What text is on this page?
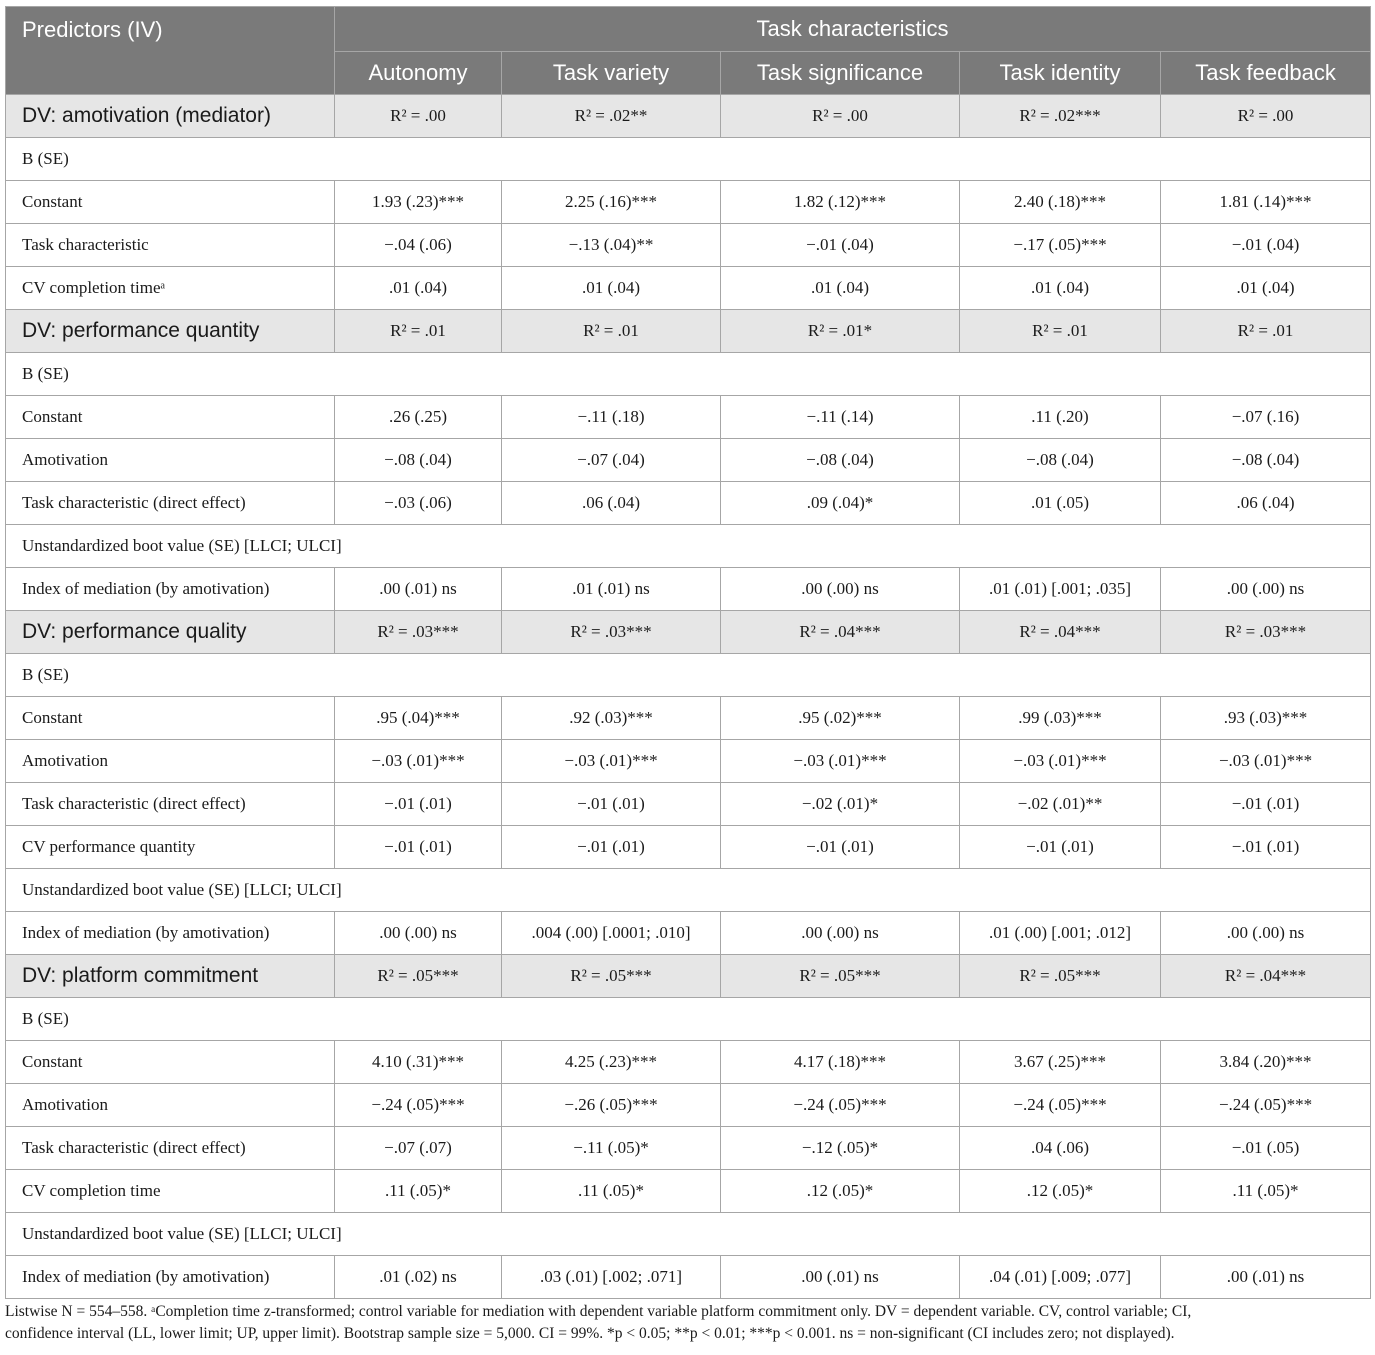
Predictors (IV)	Task characteristics				
	Autonomy	Task variety	Task significance	Task identity	Task feedback
DV: amotivation (mediator)	R² = .00	R² = .02**	R² = .00	R² = .02***	R² = .00
B (SE)					
Constant	1.93 (.23)***	2.25 (.16)***	1.82 (.12)***	2.40 (.18)***	1.81 (.14)***
Task characteristic	−.04 (.06)	−.13 (.04)**	−.01 (.04)	−.17 (.05)***	−.01 (.04)
CV completion timeᵃ	.01 (.04)	.01 (.04)	.01 (.04)	.01 (.04)	.01 (.04)
DV: performance quantity	R² = .01	R² = .01	R² = .01*	R² = .01	R² = .01
B (SE)					
Constant	.26 (.25)	−.11 (.18)	−.11 (.14)	.11 (.20)	−.07 (.16)
Amotivation	−.08 (.04)	−.07 (.04)	−.08 (.04)	−.08 (.04)	−.08 (.04)
Task characteristic (direct effect)	−.03 (.06)	.06 (.04)	.09 (.04)*	.01 (.05)	.06 (.04)
Unstandardized boot value (SE) [LLCI; ULCI]					
Index of mediation (by amotivation)	.00 (.01) ns	.01 (.01) ns	.00 (.00) ns	.01 (.01) [.001; .035]	.00 (.00) ns
DV: performance quality	R² = .03***	R² = .03***	R² = .04***	R² = .04***	R² = .03***
B (SE)					
Constant	.95 (.04)***	.92 (.03)***	.95 (.02)***	.99 (.03)***	.93 (.03)***
Amotivation	−.03 (.01)***	−.03 (.01)***	−.03 (.01)***	−.03 (.01)***	−.03 (.01)***
Task characteristic (direct effect)	−.01 (.01)	−.01 (.01)	−.02 (.01)*	−.02 (.01)**	−.01 (.01)
CV performance quantity	−.01 (.01)	−.01 (.01)	−.01 (.01)	−.01 (.01)	−.01 (.01)
Unstandardized boot value (SE) [LLCI; ULCI]					
Index of mediation (by amotivation)	.00 (.00) ns	.004 (.00) [.0001; .010]	.00 (.00) ns	.01 (.00) [.001; .012]	.00 (.00) ns
DV: platform commitment	R² = .05***	R² = .05***	R² = .05***	R² = .05***	R² = .04***
B (SE)					
Constant	4.10 (.31)***	4.25 (.23)***	4.17 (.18)***	3.67 (.25)***	3.84 (.20)***
Amotivation	−.24 (.05)***	−.26 (.05)***	−.24 (.05)***	−.24 (.05)***	−.24 (.05)***
Task characteristic (direct effect)	−.07 (.07)	−.11 (.05)*	−.12 (.05)*	.04 (.06)	−.01 (.05)
CV completion time	.11 (.05)*	.11 (.05)*	.12 (.05)*	.12 (.05)*	.11 (.05)*
Unstandardized boot value (SE) [LLCI; ULCI]					
Index of mediation (by amotivation)	.01 (.02) ns	.03 (.01) [.002; .071]	.00 (.01) ns	.04 (.01) [.009; .077]	.00 (.01) ns
Listwise N = 554–558. ᵃCompletion time z-transformed; control variable for mediation with dependent variable platform commitment only. DV = dependent variable. CV, control variable; CI,
confidence interval (LL, lower limit; UP, upper limit). Bootstrap sample size = 5,000. CI = 99%. *p < 0.05; **p < 0.01; ***p < 0.001. ns = non-significant (CI includes zero; not displayed).
